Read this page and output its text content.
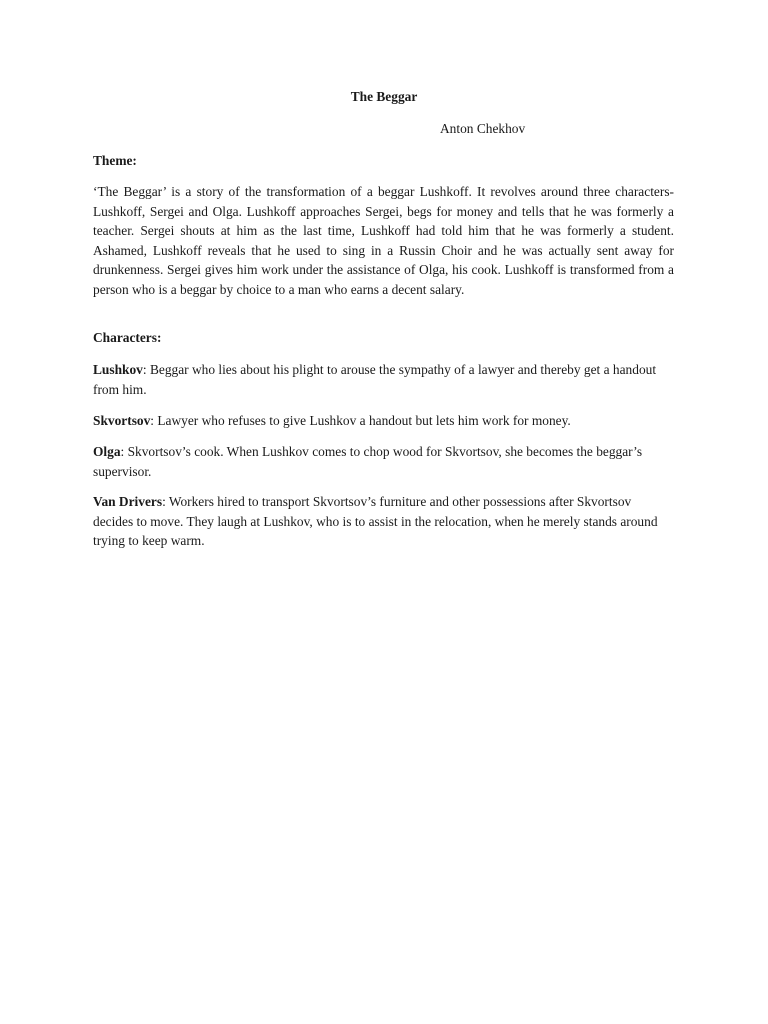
The Beggar
Anton Chekhov
Theme:
‘The Beggar’ is a story of the transformation of a beggar Lushkoff. It revolves around three characters- Lushkoff, Sergei and Olga. Lushkoff approaches Sergei, begs for money and tells that he was formerly a teacher. Sergei shouts at him as the last time, Lushkoff had told him that he was formerly a student. Ashamed, Lushkoff reveals that he used to sing in a Russin Choir and he was actually sent away for drunkenness. Sergei gives him work under the assistance of Olga, his cook. Lushkoff is transformed from a person who is a beggar by choice to a man who earns a decent salary.
Characters:
Lushkov: Beggar who lies about his plight to arouse the sympathy of a lawyer and thereby get a handout from him.
Skvortsov: Lawyer who refuses to give Lushkov a handout but lets him work for money.
Olga: Skvortsov’s cook. When Lushkov comes to chop wood for Skvortsov, she becomes the beggar’s supervisor.
Van Drivers: Workers hired to transport Skvortsov’s furniture and other possessions after Skvortsov decides to move. They laugh at Lushkov, who is to assist in the relocation, when he merely stands around trying to keep warm.
